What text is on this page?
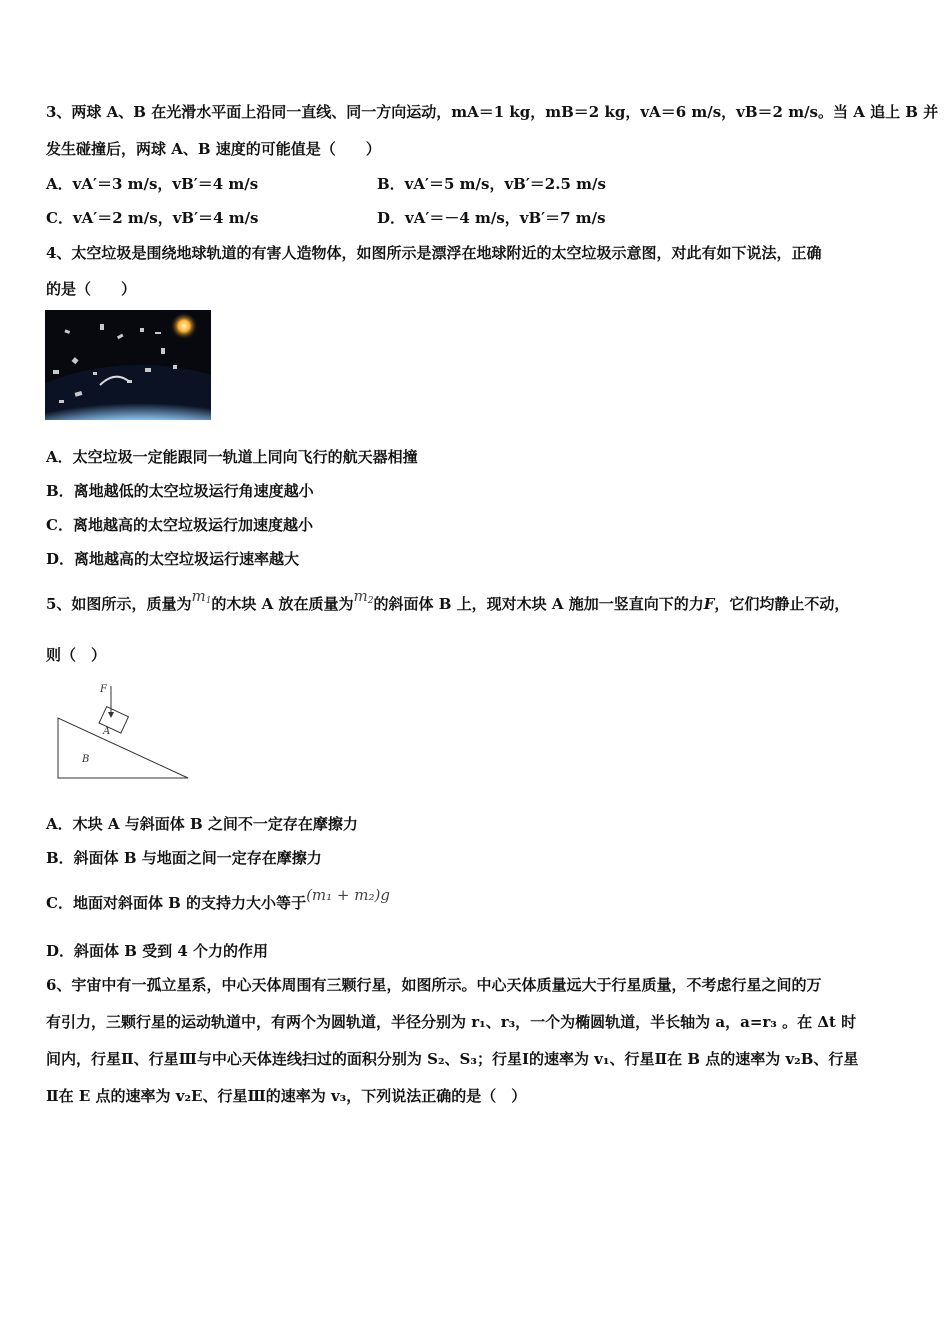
3、两球 A、B 在光滑水平面上沿同一直线、同一方向运动，mA＝1 kg，mB＝2 kg，vA＝6 m/s，vB＝2 m/s。当 A 追上 B 并
发生碰撞后，两球 A、B 速度的可能值是（　　）
A．vA′＝3 m/s，vB′＝4 m/s	B．vA′＝5 m/s，vB′＝2.5 m/s
C．vA′＝2 m/s，vB′＝4 m/s	D．vA′＝－4 m/s，vB′＝7 m/s
4、太空垃圾是围绕地球轨道的有害人造物体，如图所示是漂浮在地球附近的太空垃圾示意图，对此有如下说法，正确
的是（　　）
A．太空垃圾一定能跟同一轨道上同向飞行的航天器相撞
B．离地越低的太空垃圾运行角速度越小
C．离地越高的太空垃圾运行加速度越小
D．离地越高的太空垃圾运行速率越大
5、如图所示，质量为$m_1$的木块 A 放在质量为$m_2$的斜面体 B 上，现对木块 A 施加一竖直向下的力F，它们均静止不动，
则（　）
F
A
B
A．木块 A 与斜面体 B 之间不一定存在摩擦力
B．斜面体 B 与地面之间一定存在摩擦力
C．地面对斜面体 B 的支持力大小等于(m₁ + m₂)g
D．斜面体 B 受到 4 个力的作用
6、宇宙中有一孤立星系，中心天体周围有三颗行星，如图所示。中心天体质量远大于行星质量，不考虑行星之间的万
有引力，三颗行星的运动轨道中，有两个为圆轨道，半径分别为 r₁、r₃，一个为椭圆轨道，半长轴为 a，a=r₃ 。在 Δt 时
间内，行星Ⅱ、行星Ⅲ与中心天体连线扫过的面积分别为 S₂、S₃；行星Ⅰ的速率为 v₁、行星Ⅱ在 B 点的速率为 v₂B、行星
Ⅱ在 E 点的速率为 v₂E、行星Ⅲ的速率为 v₃，下列说法正确的是（　）
